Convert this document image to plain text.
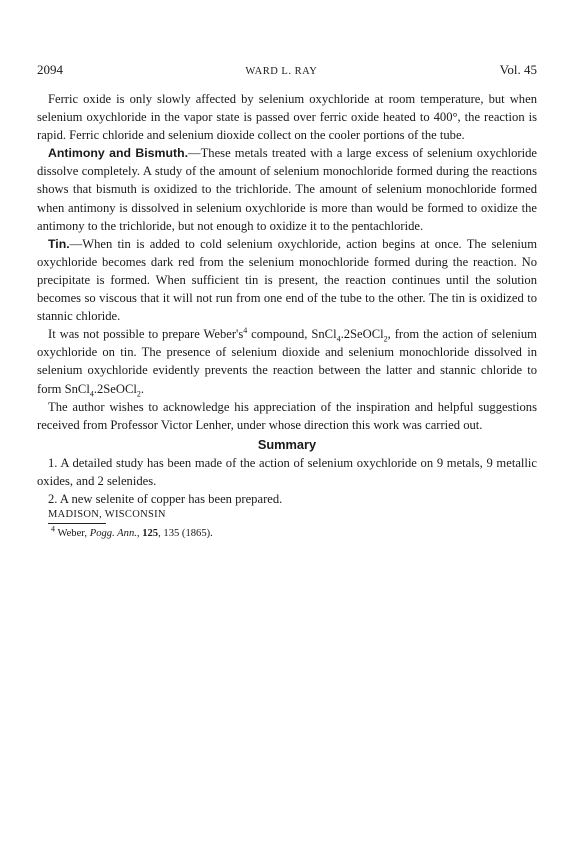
2094	WARD L. RAY	Vol. 45

Ferric oxide is only slowly affected by selenium oxychloride at room temperature, but when selenium oxychloride in the vapor state is passed over ferric oxide heated to 400°, the reaction is rapid. Ferric chloride and selenium dioxide collect on the cooler portions of the tube.

Antimony and Bismuth.—These metals treated with a large excess of selenium oxychloride dissolve completely. A study of the amount of selenium monochloride formed during the reactions shows that bismuth is oxidized to the trichloride. The amount of selenium monochloride formed when antimony is dissolved in selenium oxychloride is more than would be formed to oxidize the antimony to the trichloride, but not enough to oxidize it to the pentachloride.

Tin.—When tin is added to cold selenium oxychloride, action begins at once. The selenium oxychloride becomes dark red from the selenium monochloride formed during the reaction. No precipitate is formed. When sufficient tin is present, the reaction continues until the solution becomes so viscous that it will not run from one end of the tube to the other. The tin is oxidized to stannic chloride.

It was not possible to prepare $Weber's^4$ compound, SnCl$_4$.2SeOCl$_2$, from the action of selenium oxychloride on tin. The presence of selenium dioxide and selenium monochloride dissolved in selenium oxychloride evidently prevents the reaction between the latter and stannic chloride to form SnCl$_4$.2SeOCl$_2$.

The author wishes to acknowledge his appreciation of the inspiration and helpful suggestions received from Professor Victor Lenher, under whose direction this work was carried out.

Summary

1. A detailed study has been made of the action of selenium oxychloride on 9 metals, 9 metallic oxides, and 2 selenides.

2. A new selenite of copper has been prepared.

MADISON, WISCONSIN
$^4$ Weber, Pogg. Ann., 125, 135 (1865).
